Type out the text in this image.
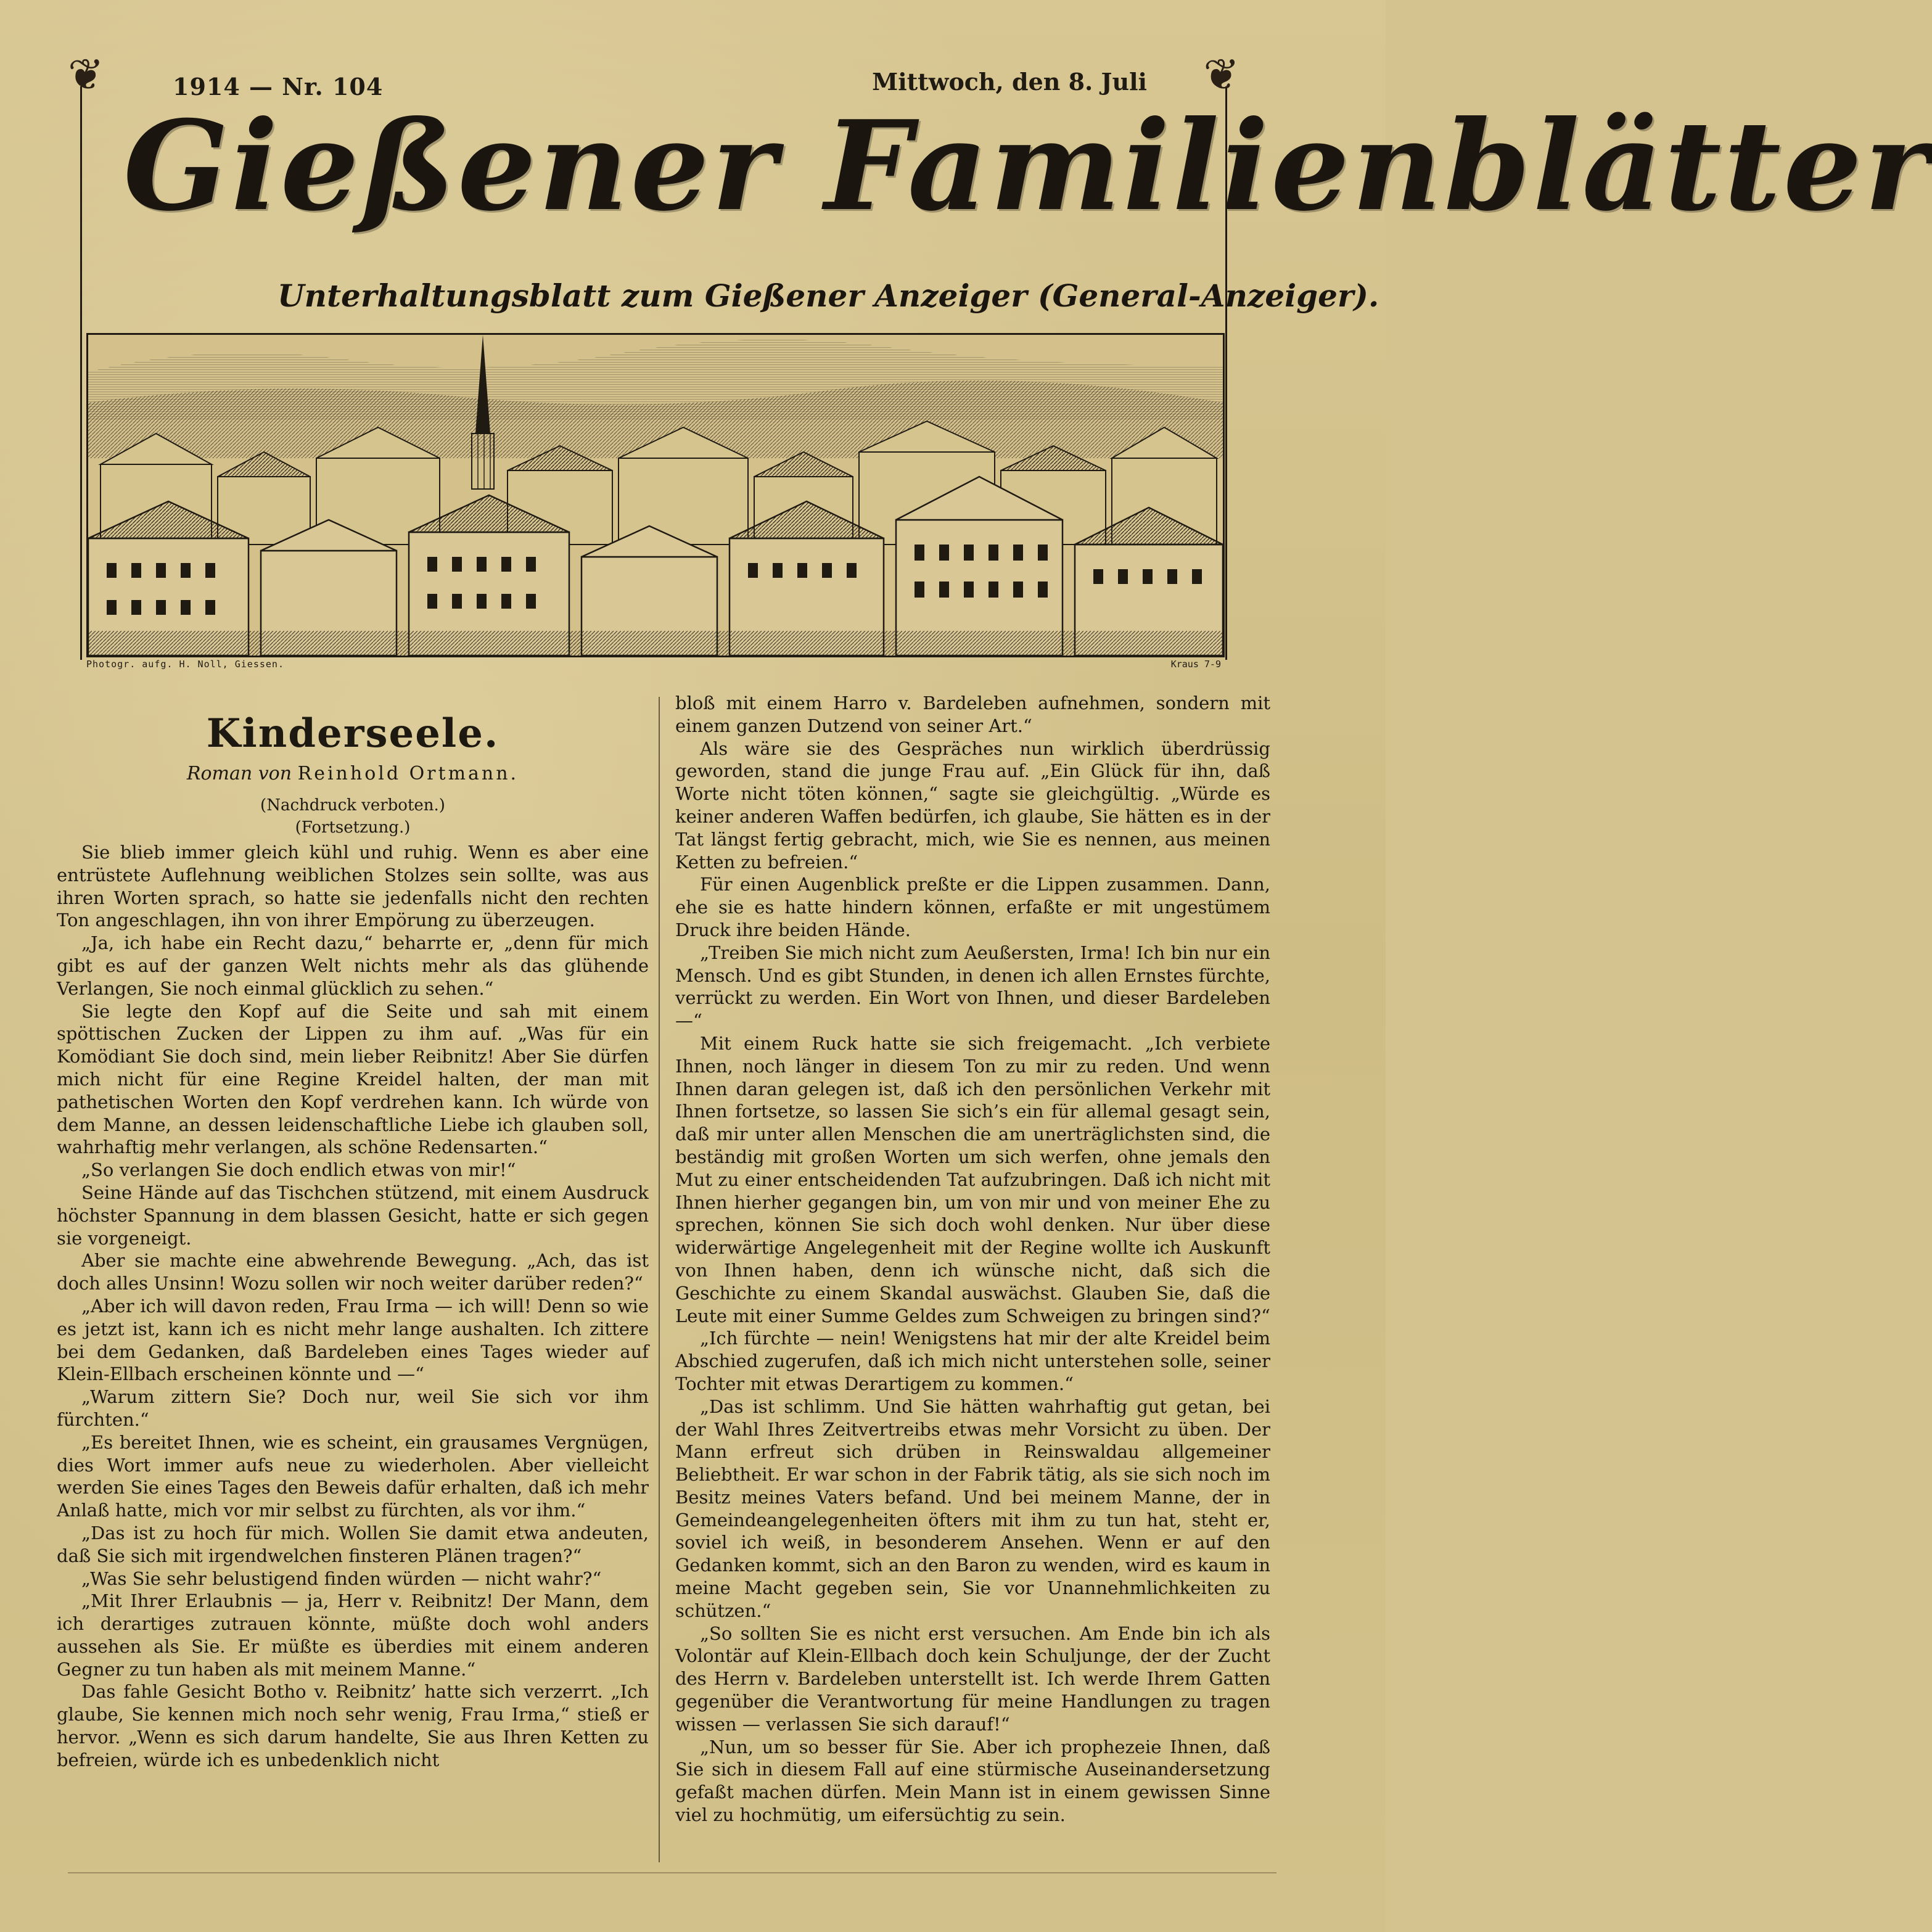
❦	❦
1914 — Nr. 104	Mittwoch, den 8. Juli
Gießener Familienblätter
Unterhaltungsblatt zum Gießener Anzeiger (General-Anzeiger).
Photogr. aufg. H. Noll, Giessen.	Kraus 7-9
Kinderseele.
Roman von Reinhold Ortmann.
(Nachdruck verboten.)
(Fortsetzung.)

Sie blieb immer gleich kühl und ruhig. Wenn es aber eine entrüstete Auflehnung weiblichen Stolzes sein sollte, was aus ihren Worten sprach, so hatte sie jedenfalls nicht den rechten Ton angeschlagen, ihn von ihrer Empörung zu überzeugen.

„Ja, ich habe ein Recht dazu,“ beharrte er, „denn für mich gibt es auf der ganzen Welt nichts mehr als das glühende Verlangen, Sie noch einmal glücklich zu sehen.“

Sie legte den Kopf auf die Seite und sah mit einem spöttischen Zucken der Lippen zu ihm auf. „Was für ein Komödiant Sie doch sind, mein lieber Reibnitz! Aber Sie dürfen mich nicht für eine Regine Kreidel halten, der man mit pathetischen Worten den Kopf verdrehen kann. Ich würde von dem Manne, an dessen leidenschaftliche Liebe ich glauben soll, wahrhaftig mehr verlangen, als schöne Redensarten.“

„So verlangen Sie doch endlich etwas von mir!“

Seine Hände auf das Tischchen stützend, mit einem Ausdruck höchster Spannung in dem blassen Gesicht, hatte er sich gegen sie vorgeneigt.

Aber sie machte eine abwehrende Bewegung. „Ach, das ist doch alles Unsinn! Wozu sollen wir noch weiter darüber reden?“

„Aber ich will davon reden, Frau Irma — ich will! Denn so wie es jetzt ist, kann ich es nicht mehr lange aushalten. Ich zittere bei dem Gedanken, daß Bardeleben eines Tages wieder auf Klein-Ellbach erscheinen könnte und —“

„Warum zittern Sie? Doch nur, weil Sie sich vor ihm fürchten.“

„Es bereitet Ihnen, wie es scheint, ein grausames Vergnügen, dies Wort immer aufs neue zu wiederholen. Aber vielleicht werden Sie eines Tages den Beweis dafür erhalten, daß ich mehr Anlaß hatte, mich vor mir selbst zu fürchten, als vor ihm.“

„Das ist zu hoch für mich. Wollen Sie damit etwa andeuten, daß Sie sich mit irgendwelchen finsteren Plänen tragen?“

„Was Sie sehr belustigend finden würden — nicht wahr?“

„Mit Ihrer Erlaubnis — ja, Herr v. Reibnitz! Der Mann, dem ich derartiges zutrauen könnte, müßte doch wohl anders aussehen als Sie. Er müßte es überdies mit einem anderen Gegner zu tun haben als mit meinem Manne.“

Das fahle Gesicht Botho v. Reibnitz’ hatte sich verzerrt. „Ich glaube, Sie kennen mich noch sehr wenig, Frau Irma,“ stieß er hervor. „Wenn es sich darum handelte, Sie aus Ihren Ketten zu befreien, würde ich es unbedenklich nicht

bloß mit einem Harro v. Bardeleben aufnehmen, sondern mit einem ganzen Dutzend von seiner Art.“

Als wäre sie des Gespräches nun wirklich überdrüssig geworden, stand die junge Frau auf. „Ein Glück für ihn, daß Worte nicht töten können,“ sagte sie gleichgültig. „Würde es keiner anderen Waffen bedürfen, ich glaube, Sie hätten es in der Tat längst fertig gebracht, mich, wie Sie es nennen, aus meinen Ketten zu befreien.“

Für einen Augenblick preßte er die Lippen zusammen. Dann, ehe sie es hatte hindern können, erfaßte er mit ungestümem Druck ihre beiden Hände.

„Treiben Sie mich nicht zum Aeußersten, Irma! Ich bin nur ein Mensch. Und es gibt Stunden, in denen ich allen Ernstes fürchte, verrückt zu werden. Ein Wort von Ihnen, und dieser Bardeleben —“

Mit einem Ruck hatte sie sich freigemacht. „Ich verbiete Ihnen, noch länger in diesem Ton zu mir zu reden. Und wenn Ihnen daran gelegen ist, daß ich den persönlichen Verkehr mit Ihnen fortsetze, so lassen Sie sich’s ein für allemal gesagt sein, daß mir unter allen Menschen die am unerträglichsten sind, die beständig mit großen Worten um sich werfen, ohne jemals den Mut zu einer entscheidenden Tat aufzubringen. Daß ich nicht mit Ihnen hierher gegangen bin, um von mir und von meiner Ehe zu sprechen, können Sie sich doch wohl denken. Nur über diese widerwärtige Angelegenheit mit der Regine wollte ich Auskunft von Ihnen haben, denn ich wünsche nicht, daß sich die Geschichte zu einem Skandal auswächst. Glauben Sie, daß die Leute mit einer Summe Geldes zum Schweigen zu bringen sind?“

„Ich fürchte — nein! Wenigstens hat mir der alte Kreidel beim Abschied zugerufen, daß ich mich nicht unterstehen solle, seiner Tochter mit etwas Derartigem zu kommen.“

„Das ist schlimm. Und Sie hätten wahrhaftig gut getan, bei der Wahl Ihres Zeitvertreibs etwas mehr Vorsicht zu üben. Der Mann erfreut sich drüben in Reinswaldau allgemeiner Beliebtheit. Er war schon in der Fabrik tätig, als sie sich noch im Besitz meines Vaters befand. Und bei meinem Manne, der in Gemeindeangelegenheiten öfters mit ihm zu tun hat, steht er, soviel ich weiß, in besonderem Ansehen. Wenn er auf den Gedanken kommt, sich an den Baron zu wenden, wird es kaum in meine Macht gegeben sein, Sie vor Unannehmlichkeiten zu schützen.“

„So sollten Sie es nicht erst versuchen. Am Ende bin ich als Volontär auf Klein-Ellbach doch kein Schuljunge, der der Zucht des Herrn v. Bardeleben unterstellt ist. Ich werde Ihrem Gatten gegenüber die Verantwortung für meine Handlungen zu tragen wissen — verlassen Sie sich darauf!“

„Nun, um so besser für Sie. Aber ich prophezeie Ihnen, daß Sie sich in diesem Fall auf eine stürmische Auseinandersetzung gefaßt machen dürfen. Mein Mann ist in einem gewissen Sinne viel zu hochmütig, um eifersüchtig zu sein.
